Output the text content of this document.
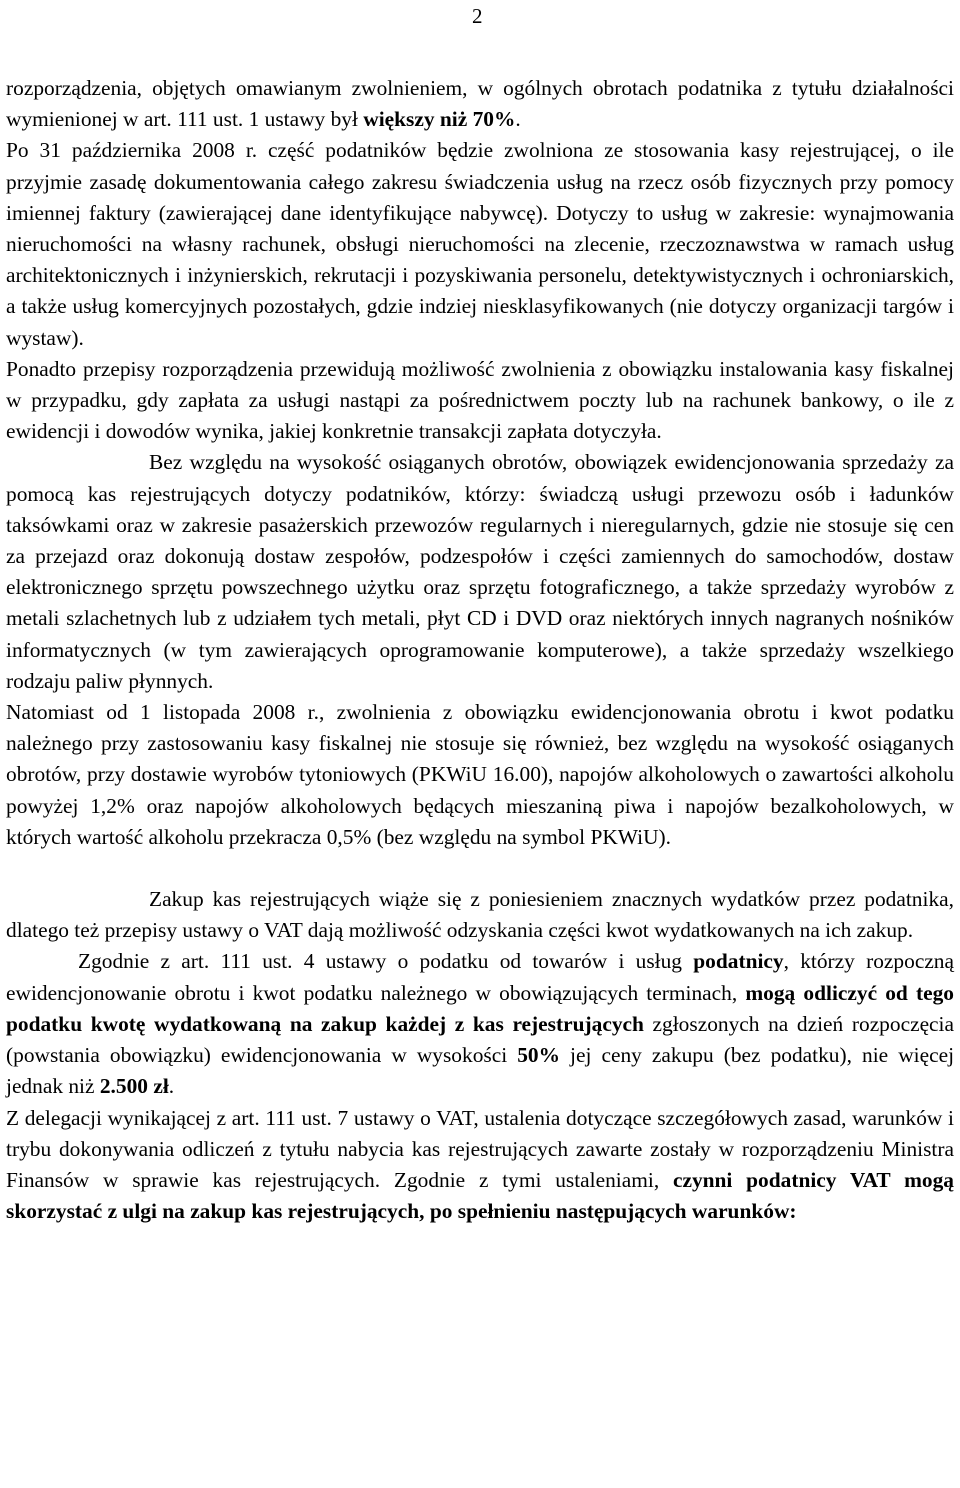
2

rozporządzenia, objętych omawianym zwolnieniem, w ogólnych obrotach podatnika z tytułu działalności wymienionej w art. 111 ust. 1 ustawy był większy niż 70%.

Po 31 października 2008 r. część podatników będzie zwolniona ze stosowania kasy rejestrującej, o ile przyjmie zasadę dokumentowania całego zakresu świadczenia usług na rzecz osób fizycznych przy pomocy imiennej faktury (zawierającej dane identyfikujące nabywcę). Dotyczy to usług w zakresie: wynajmowania nieruchomości na własny rachunek, obsługi nieruchomości na zlecenie, rzeczoznawstwa w ramach usług architektonicznych i inżynierskich, rekrutacji i pozyskiwania personelu, detektywistycznych i ochroniarskich, a także usług komercyjnych pozostałych, gdzie indziej niesklasyfikowanych (nie dotyczy organizacji targów i wystaw).

Ponadto przepisy rozporządzenia przewidują możliwość zwolnienia z obowiązku instalowania kasy fiskalnej w przypadku, gdy zapłata za usługi nastąpi za pośrednictwem poczty lub na rachunek bankowy, o ile z ewidencji i dowodów wynika, jakiej konkretnie transakcji zapłata dotyczyła.

Bez względu na wysokość osiąganych obrotów, obowiązek ewidencjonowania sprzedaży za pomocą kas rejestrujących dotyczy podatników, którzy: świadczą usługi przewozu osób i ładunków taksówkami oraz w zakresie pasażerskich przewozów regularnych i nieregularnych, gdzie nie stosuje się cen za przejazd oraz dokonują dostaw zespołów, podzespołów i części zamiennych do samochodów, dostaw elektronicznego sprzętu powszechnego użytku oraz sprzętu fotograficznego, a także sprzedaży wyrobów z metali szlachetnych lub z udziałem tych metali, płyt CD i DVD oraz niektórych innych nagranych nośników informatycznych (w tym zawierających oprogramowanie komputerowe), a także sprzedaży wszelkiego rodzaju paliw płynnych.

Natomiast od 1 listopada 2008 r., zwolnienia z obowiązku ewidencjonowania obrotu i kwot podatku należnego przy zastosowaniu kasy fiskalnej nie stosuje się również, bez względu na wysokość osiąganych obrotów, przy dostawie wyrobów tytoniowych (PKWiU 16.00), napojów alkoholowych o zawartości alkoholu powyżej 1,2% oraz napojów alkoholowych będących mieszaniną piwa i napojów bezalkoholowych, w których wartość alkoholu przekracza 0,5% (bez względu na symbol PKWiU).

Zakup kas rejestrujących wiąże się z poniesieniem znacznych wydatków przez podatnika, dlatego też przepisy ustawy o VAT dają możliwość odzyskania części kwot wydatkowanych na ich zakup.

Zgodnie z art. 111 ust. 4 ustawy o podatku od towarów i usług podatnicy, którzy rozpoczną ewidencjonowanie obrotu i kwot podatku należnego w obowiązujących terminach, mogą odliczyć od tego podatku kwotę wydatkowaną na zakup każdej z kas rejestrujących zgłoszonych na dzień rozpoczęcia (powstania obowiązku) ewidencjonowania w wysokości 50% jej ceny zakupu (bez podatku), nie więcej jednak niż 2.500 zł.

Z delegacji wynikającej z art. 111 ust. 7 ustawy o VAT, ustalenia dotyczące szczegółowych zasad, warunków i trybu dokonywania odliczeń z tytułu nabycia kas rejestrujących zawarte zostały w rozporządzeniu Ministra Finansów w sprawie kas rejestrujących. Zgodnie z tymi ustaleniami, czynni podatnicy VAT mogą skorzystać z ulgi na zakup kas rejestrujących, po spełnieniu następujących warunków:
